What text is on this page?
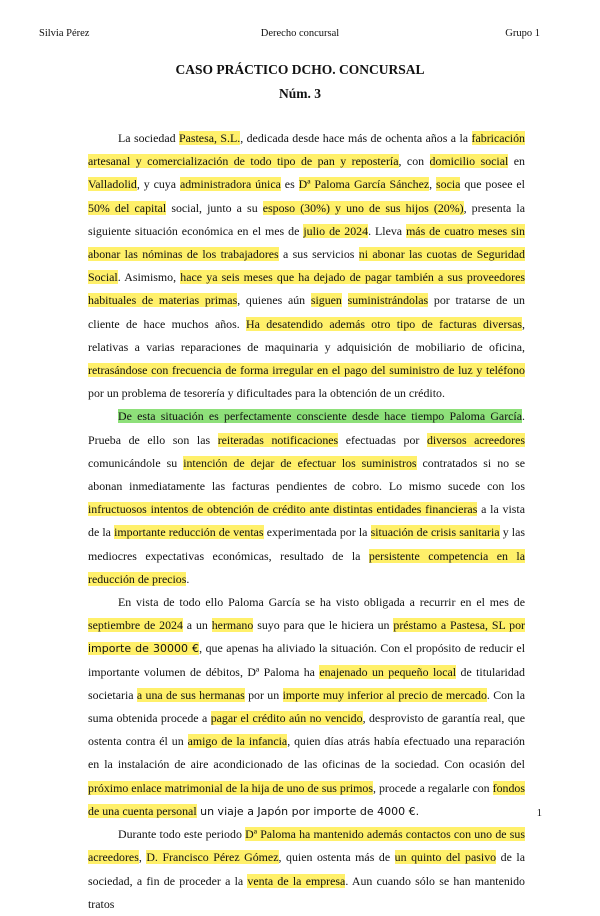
Silvia Pérez	Derecho concursal	Grupo 1
CASO PRÁCTICO DCHO. CONCURSAL
Núm. 3

La sociedad Pastesa, S.L., dedicada desde hace más de ochenta años a la fabricación artesanal y comercialización de todo tipo de pan y repostería, con domicilio social en Valladolid, y cuya administradora única es Dª Paloma García Sánchez, socia que posee el 50% del capital social, junto a su esposo (30%) y uno de sus hijos (20%), presenta la siguiente situación económica en el mes de julio de 2024. Lleva más de cuatro meses sin abonar las nóminas de los trabajadores a sus servicios ni abonar las cuotas de Seguridad Social. Asimismo, hace ya seis meses que ha dejado de pagar también a sus proveedores habituales de materias primas, quienes aún siguen suministrándolas por tratarse de un cliente de hace muchos años. Ha desatendido además otro tipo de facturas diversas, relativas a varias reparaciones de maquinaria y adquisición de mobiliario de oficina, retrasándose con frecuencia de forma irregular en el pago del suministro de luz y teléfono por un problema de tesorería y dificultades para la obtención de un crédito.

De esta situación es perfectamente consciente desde hace tiempo Paloma García. Prueba de ello son las reiteradas notificaciones efectuadas por diversos acreedores comunicándole su intención de dejar de efectuar los suministros contratados si no se abonan inmediatamente las facturas pendientes de cobro. Lo mismo sucede con los infructuosos intentos de obtención de crédito ante distintas entidades financieras a la vista de la importante reducción de ventas experimentada por la situación de crisis sanitaria y las mediocres expectativas económicas, resultado de la persistente competencia en la reducción de precios.

En vista de todo ello Paloma García se ha visto obligada a recurrir en el mes de septiembre de 2024 a un hermano suyo para que le hiciera un préstamo a Pastesa, SL por importe de 30000 €, que apenas ha aliviado la situación. Con el propósito de reducir el importante volumen de débitos, Dª Paloma ha enajenado un pequeño local de titularidad societaria a una de sus hermanas por un importe muy inferior al precio de mercado. Con la suma obtenida procede a pagar el crédito aún no vencido, desprovisto de garantía real, que ostenta contra él un amigo de la infancia, quien días atrás había efectuado una reparación en la instalación de aire acondicionado de las oficinas de la sociedad. Con ocasión del próximo enlace matrimonial de la hija de uno de sus primos, procede a regalarle con fondos de una cuenta personal un viaje a Japón por importe de 4000 €.

Durante todo este periodo Dª Paloma ha mantenido además contactos con uno de sus acreedores, D. Francisco Pérez Gómez, quien ostenta más de un quinto del pasivo de la sociedad, a fin de proceder a la venta de la empresa. Aun cuando sólo se han mantenido tratos

1
